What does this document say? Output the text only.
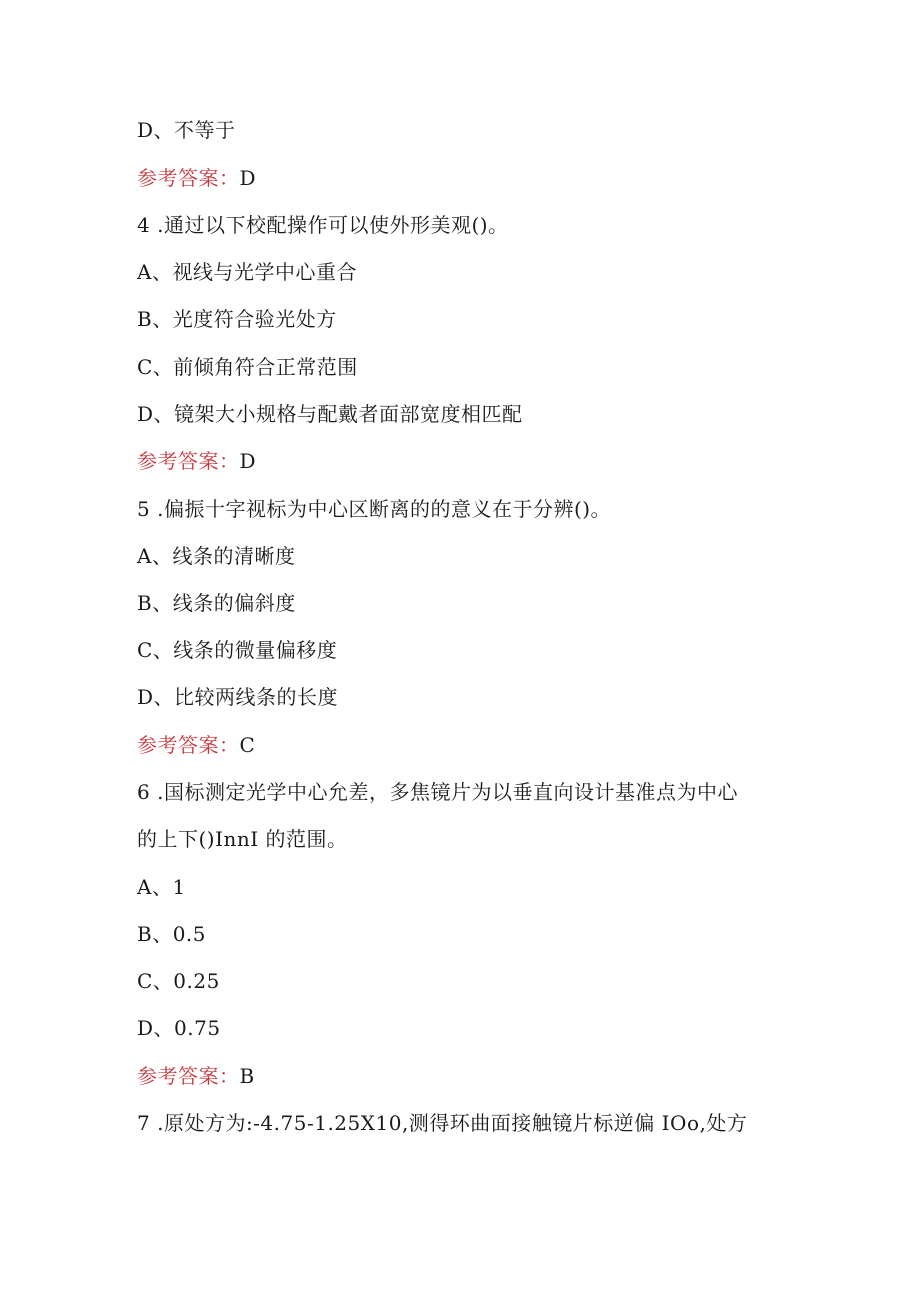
D、不等于
参考答案：D
4 .通过以下校配操作可以使外形美观()。
A、视线与光学中心重合
B、光度符合验光处方
C、前倾角符合正常范围
D、镜架大小规格与配戴者面部宽度相匹配
参考答案：D
5 .偏振十字视标为中心区断离的的意义在于分辨()。
A、线条的清晰度
B、线条的偏斜度
C、线条的微量偏移度
D、比较两线条的长度
参考答案：C
6 .国标测定光学中心允差，多焦镜片为以垂直向设计基准点为中心
的上下()InnI 的范围。
A、1
B、0.5
C、0.25
D、0.75
参考答案：B
7 .原处方为:-4.75-1.25X10,测得环曲面接触镜片标逆偏 IOo,处方
